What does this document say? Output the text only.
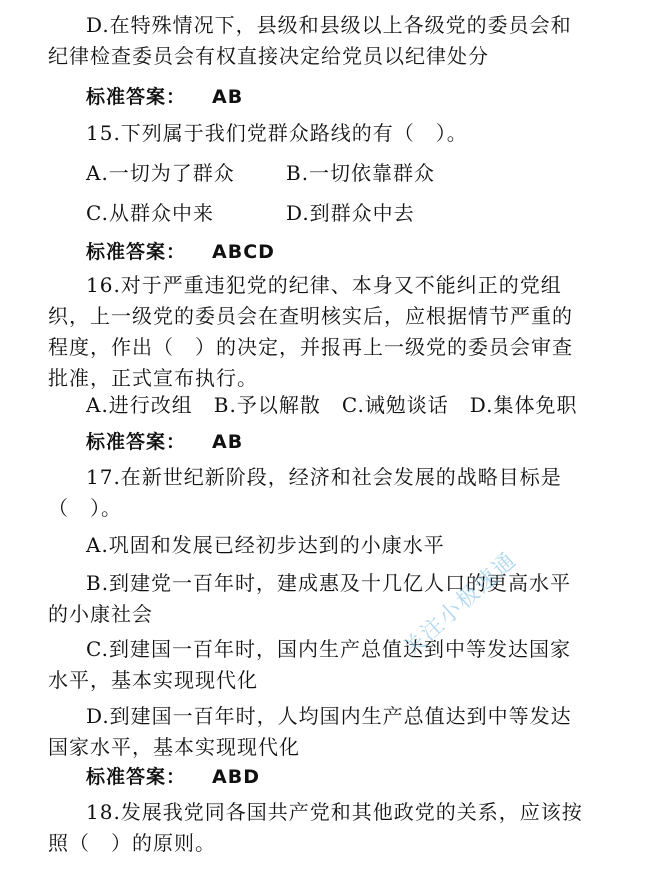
D.在特殊情况下，县级和县级以上各级党的委员会和
纪律检查委员会有权直接决定给党员以纪律处分
标准答案： AB
15.下列属于我们党群众路线的有（　）。
A.一切为了群众	B.一切依靠群众
C.从群众中来	D.到群众中去
标准答案： ABCD
16.对于严重违犯党的纪律、本身又不能纠正的党组
织，上一级党的委员会在查明核实后，应根据情节严重的
程度，作出（　）的决定，并报再上一级党的委员会审查
批准，正式宣布执行。
A.进行改组　B.予以解散　C.诫勉谈话　D.集体免职
标准答案： AB
17.在新世纪新阶段，经济和社会发展的战略目标是
（　）。
A.巩固和发展已经初步达到的小康水平
B.到建党一百年时，建成惠及十几亿人口的更高水平
的小康社会
C.到建国一百年时，国内生产总值达到中等发达国家
水平，基本实现现代化
D.到建国一百年时，人均国内生产总值达到中等发达
国家水平，基本实现现代化
标准答案： ABD
18.发展我党同各国共产党和其他政党的关系，应该按
照（　）的原则。
关注小极速通
